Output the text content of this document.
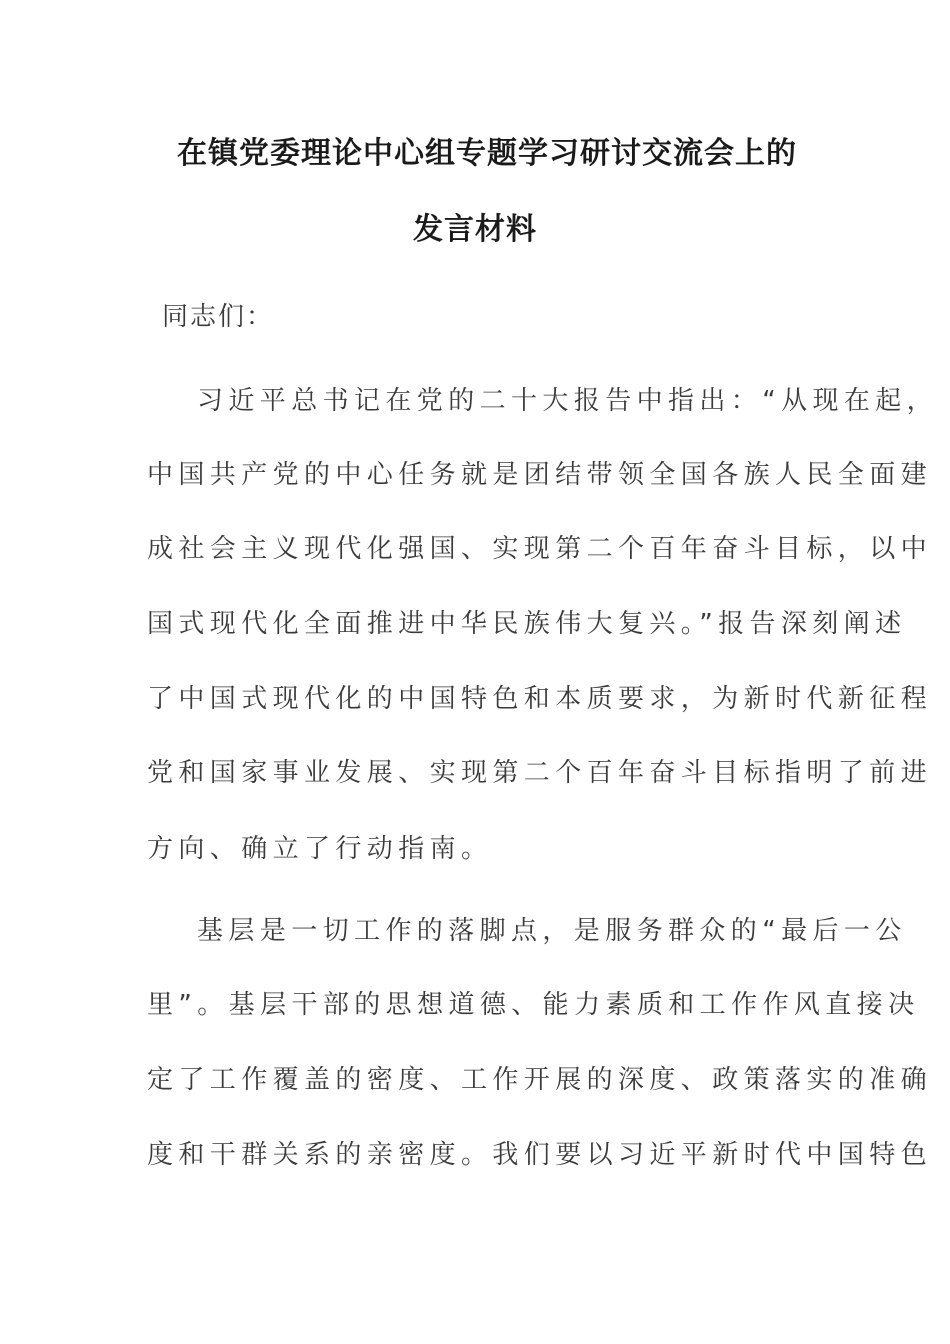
在镇党委理论中心组专题学习研讨交流会上的
发言材料
同志们：
习近平总书记在党的二十大报告中指出：“从现在起，
中国共产党的中心任务就是团结带领全国各族人民全面建
成社会主义现代化强国、实现第二个百年奋斗目标，以中
国式现代化全面推进中华民族伟大复兴。”报告深刻阐述
了中国式现代化的中国特色和本质要求，为新时代新征程
党和国家事业发展、实现第二个百年奋斗目标指明了前进
方向、确立了行动指南。
基层是一切工作的落脚点，是服务群众的“最后一公
里”。基层干部的思想道德、能力素质和工作作风直接决
定了工作覆盖的密度、工作开展的深度、政策落实的准确
度和干群关系的亲密度。我们要以习近平新时代中国特色
